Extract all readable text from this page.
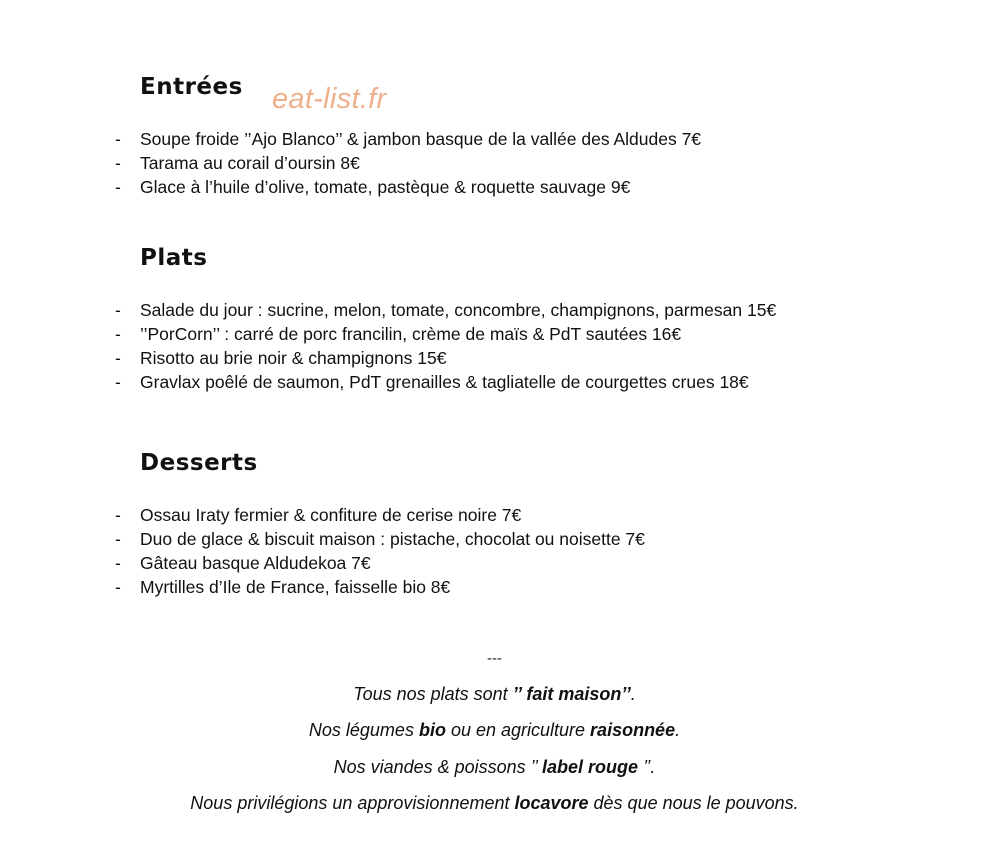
Entrées eat-list.fr
- Soupe froide ’’Ajo Blanco’’ & jambon basque de la vallée des Aldudes 7€
- Tarama au corail d’oursin 8€
- Glace à l’huile d’olive, tomate, pastèque & roquette sauvage 9€
Plats
- Salade du jour : sucrine, melon, tomate, concombre, champignons, parmesan 15€
- ’’PorCorn’’ : carré de porc francilin, crème de maïs & PdT sautées 16€
- Risotto au brie noir & champignons 15€
- Gravlax poêlé de saumon, PdT grenailles & tagliatelle de courgettes crues 18€
Desserts
- Ossau Iraty fermier & confiture de cerise noire 7€
- Duo de glace & biscuit maison : pistache, chocolat ou noisette 7€
- Gâteau basque Aldudekoa 7€
- Myrtilles d’Ile de France, faisselle bio 8€
---
Tous nos plats sont ’’ fait maison’’.
Nos légumes bio ou en agriculture raisonnée.
Nos viandes & poissons ’’ label rouge ’’.
Nous privilégions un approvisionnement locavore dès que nous le pouvons.
